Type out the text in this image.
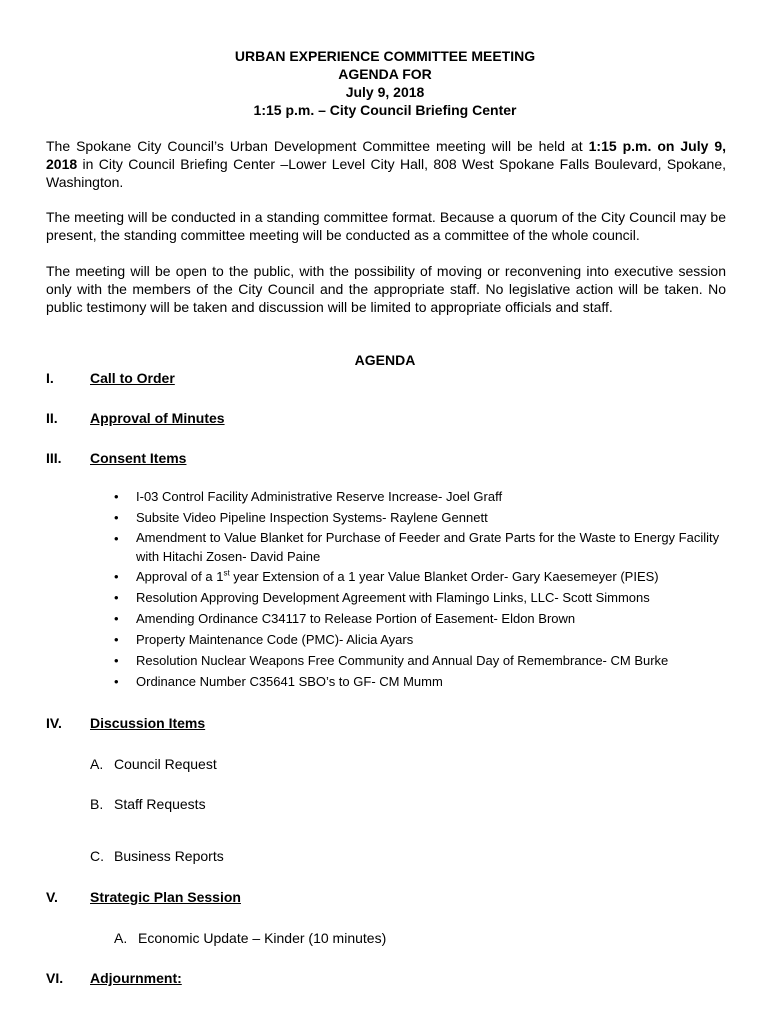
URBAN EXPERIENCE COMMITTEE MEETING
AGENDA FOR
July 9, 2018
1:15 p.m. – City Council Briefing Center

The Spokane City Council’s Urban Development Committee meeting will be held at 1:15 p.m. on July 9, 2018 in City Council Briefing Center –Lower Level City Hall, 808 West Spokane Falls Boulevard, Spokane, Washington.

The meeting will be conducted in a standing committee format. Because a quorum of the City Council may be present, the standing committee meeting will be conducted as a committee of the whole council.

The meeting will be open to the public, with the possibility of moving or reconvening into executive session only with the members of the City Council and the appropriate staff. No legislative action will be taken. No public testimony will be taken and discussion will be limited to appropriate officials and staff.

AGENDA
I.	Call to Order
II.	Approval of Minutes
III.	Consent Items
• I-03 Control Facility Administrative Reserve Increase- Joel Graff
• Subsite Video Pipeline Inspection Systems- Raylene Gennett
• Amendment to Value Blanket for Purchase of Feeder and Grate Parts for the Waste to Energy Facility with Hitachi Zosen- David Paine
• Approval of a 1st year Extension of a 1 year Value Blanket Order- Gary Kaesemeyer (PIES)
• Resolution Approving Development Agreement with Flamingo Links, LLC- Scott Simmons
• Amending Ordinance C34117 to Release Portion of Easement- Eldon Brown
• Property Maintenance Code (PMC)- Alicia Ayars
• Resolution Nuclear Weapons Free Community and Annual Day of Remembrance- CM Burke
• Ordinance Number C35641 SBO’s to GF- CM Mumm
IV.	Discussion Items
A. Council Request
B. Staff Requests
C. Business Reports
V.	Strategic Plan Session
A. Economic Update – Kinder (10 minutes)
VI.	Adjournment:
